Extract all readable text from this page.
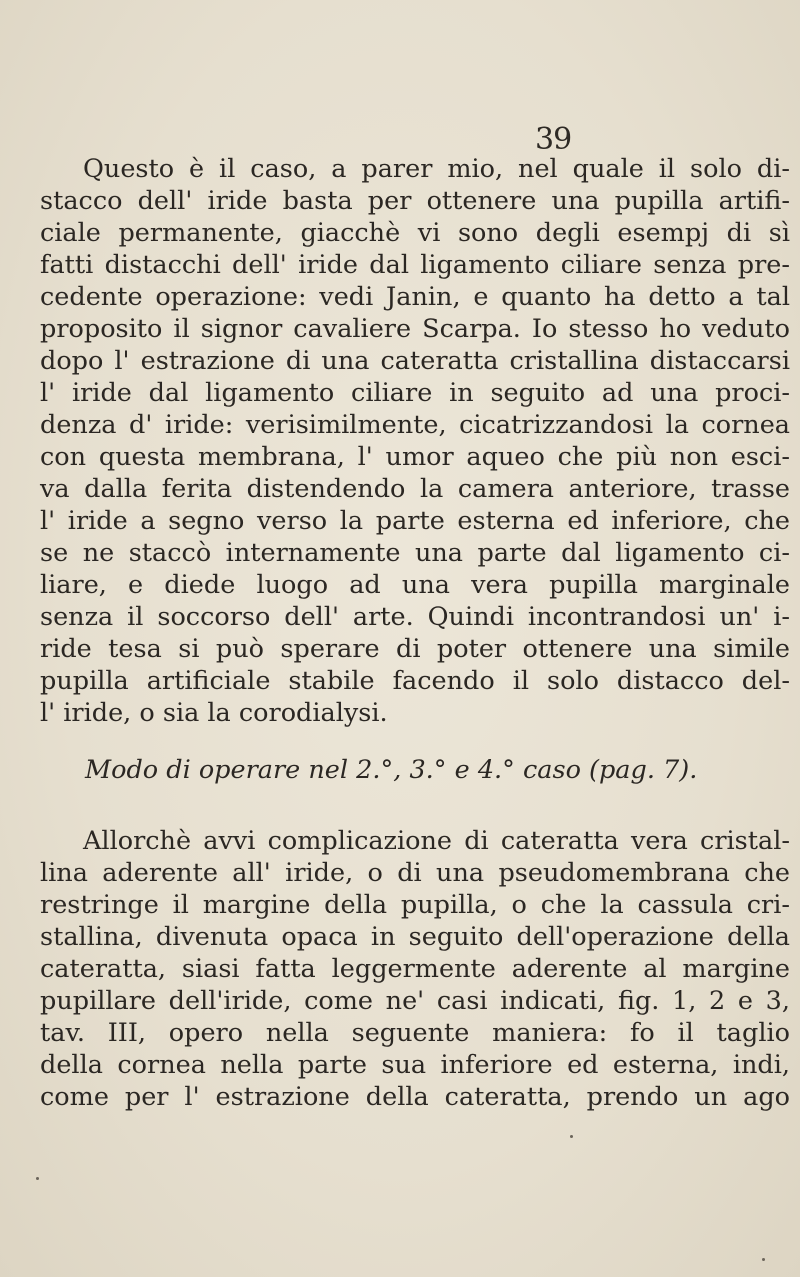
39
Questo è il caso, a parer mio, nel quale il solo di-
stacco dell' iride basta per ottenere una pupilla artifi-
ciale permanente, giacchè vi sono degli esempj di sì
fatti distacchi dell' iride dal ligamento ciliare senza pre-
cedente operazione: vedi Janin, e quanto ha detto a tal
proposito il signor cavaliere Scarpa. Io stesso ho veduto
dopo l' estrazione di una cateratta cristallina distaccarsi
l' iride dal ligamento ciliare in seguito ad una proci-
denza d' iride: verisimilmente, cicatrizzandosi la cornea
con questa membrana, l' umor aqueo che più non esci-
va dalla ferita distendendo la camera anteriore, trasse
l' iride a segno verso la parte esterna ed inferiore, che
se ne staccò internamente una parte dal ligamento ci-
liare, e diede luogo ad una vera pupilla marginale
senza il soccorso dell' arte. Quindi incontrandosi un' i-
ride tesa si può sperare di poter ottenere una simile
pupilla artificiale stabile facendo il solo distacco del-
l' iride, o sia la corodialysi.
Modo di operare nel 2.°, 3.° e 4.° caso (pag. 7).
Allorchè avvi complicazione di cateratta vera cristal-
lina aderente all' iride, o di una pseudomembrana che
restringe il margine della pupilla, o che la cassula cri-
stallina, divenuta opaca in seguito dell'operazione della
cateratta, siasi fatta leggermente aderente al margine
pupillare dell'iride, come ne' casi indicati, fig. 1, 2 e 3,
tav. III, opero nella seguente maniera: fo il taglio
della cornea nella parte sua inferiore ed esterna, indi,
come per l' estrazione della cateratta, prendo un ago
